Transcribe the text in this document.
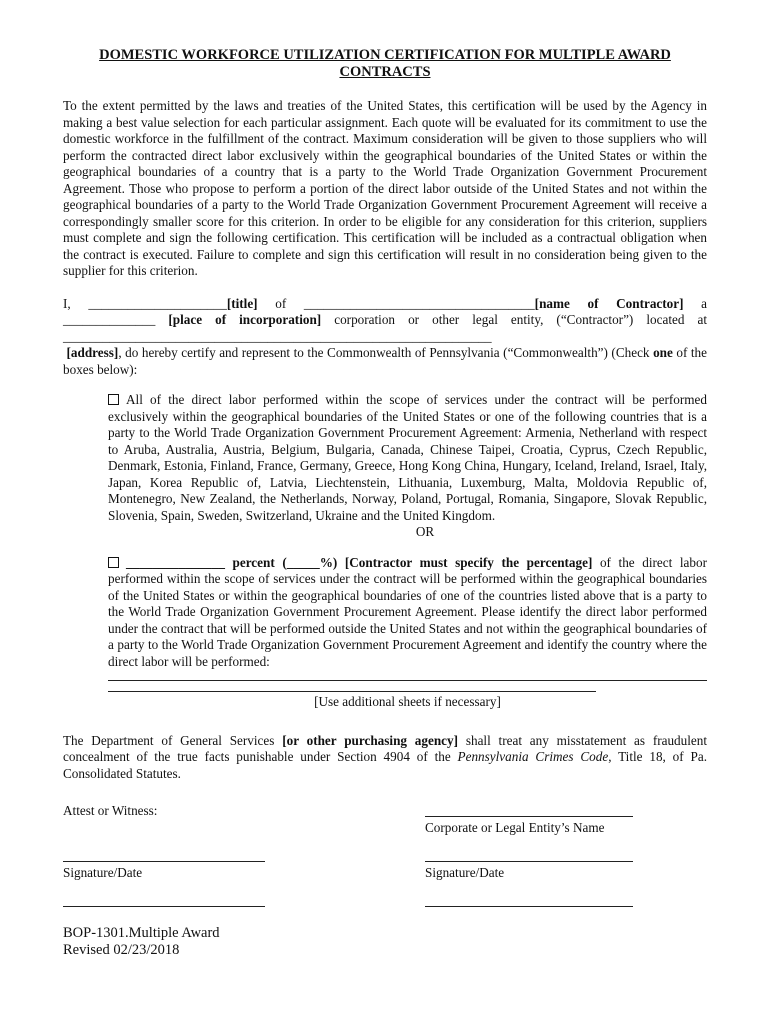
DOMESTIC WORKFORCE UTILIZATION CERTIFICATION FOR MULTIPLE AWARD CONTRACTS

To the extent permitted by the laws and treaties of the United States, this certification will be used by the Agency in making a best value selection for each particular assignment. Each quote will be evaluated for its commitment to use the domestic workforce in the fulfillment of the contract. Maximum consideration will be given to those suppliers who will perform the contracted direct labor exclusively within the geographical boundaries of the United States or within the geographical boundaries of a country that is a party to the World Trade Organization Government Procurement Agreement. Those who propose to perform a portion of the direct labor outside of the United States and not within the geographical boundaries of a party to the World Trade Organization Government Procurement Agreement will receive a correspondingly smaller score for this criterion. In order to be eligible for any consideration for this criterion, suppliers must complete and sign the following certification. This certification will be included as a contractual obligation when the contract is executed. Failure to complete and sign this certification will result in no consideration being given to the supplier for this criterion.

I, _____________________[title] of ___________________________________[name of Contractor] a

______________ [place of incorporation] corporation or other legal entity, (“Contractor”) located at

_________________________________________________________________

[address], do hereby certify and represent to the Commonwealth of Pennsylvania (“Commonwealth”) (Check one of the boxes below):

All of the direct labor performed within the scope of services under the contract will be performed exclusively within the geographical boundaries of the United States or one of the following countries that is a party to the World Trade Organization Government Procurement Agreement: Armenia, Netherland with respect to Aruba, Australia, Austria, Belgium, Bulgaria, Canada, Chinese Taipei, Croatia, Cyprus, Czech Republic, Denmark, Estonia, Finland, France, Germany, Greece, Hong Kong China, Hungary, Iceland, Ireland, Israel, Italy, Japan, Korea Republic of, Latvia, Liechtenstein, Lithuania, Luxemburg, Malta, Moldovia Republic of, Montenegro, New Zealand, the Netherlands, Norway, Poland, Portugal, Romania, Singapore, Slovak Republic, Slovenia, Spain, Sweden, Switzerland, Ukraine and the United Kingdom.

OR

_______________ percent (_____%) [Contractor must specify the percentage] of the direct labor performed within the scope of services under the contract will be performed within the geographical boundaries of the United States or within the geographical boundaries of one of the countries listed above that is a party to the World Trade Organization Government Procurement Agreement. Please identify the direct labor performed under the contract that will be performed outside the United States and not within the geographical boundaries of a party to the World Trade Organization Government Procurement Agreement and identify the country where the direct labor will be performed:

[Use additional sheets if necessary]

The Department of General Services [or other purchasing agency] shall treat any misstatement as fraudulent concealment of the true facts punishable under Section 4904 of the Pennsylvania Crimes Code, Title 18, of Pa. Consolidated Statutes.

Attest or Witness:
Corporate or Legal Entity’s Name
Signature/Date	Signature/Date
BOP-1301.Multiple Award
Revised 02/23/2018
